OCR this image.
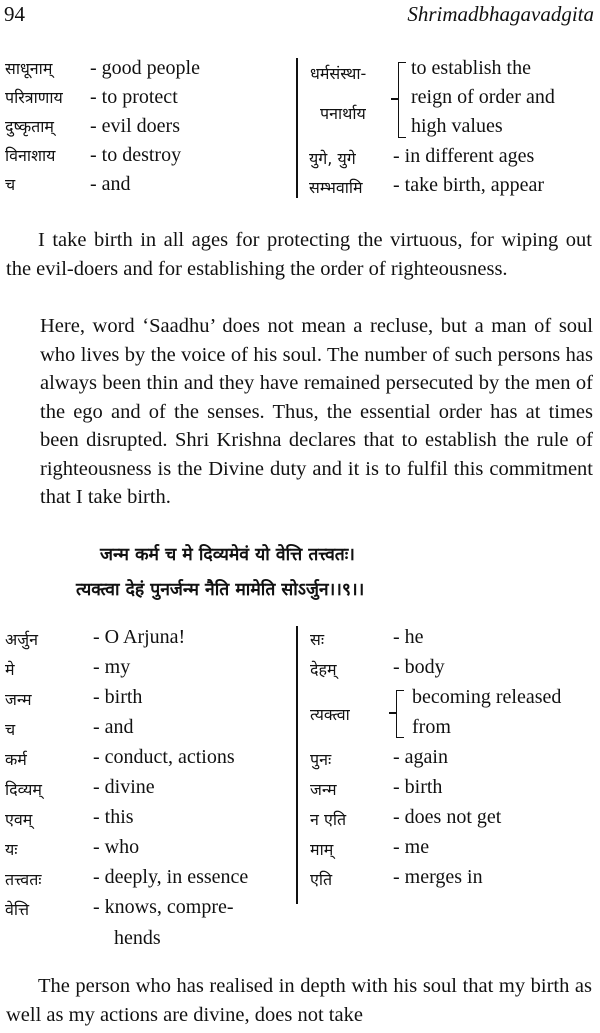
94	Shrimadbhagavadgita
साधूनाम् - good people
परित्राणाय - to protect
दुष्कृताम् - evil doers
विनाशाय - to destroy
च	- and
धर्मसंस्था-
पनार्थाय
to establish the
reign of order and
high values
युगे, युगे - in different ages
सम्भवामि - take birth, appear
I take birth in all ages for protecting the virtuous, for wiping out the evil-doers and for establishing the order of righteousness.
Here, word ‘Saadhu’ does not mean a recluse, but a man of soul who lives by the voice of his soul. The number of such persons has always been thin and they have remained persecuted by the men of the ego and of the senses. Thus, the essential order has at times been disrupted. Shri Krishna declares that to establish the rule of righteousness is the Divine duty and it is to fulfil this commitment that I take birth.
जन्म कर्म च मे दिव्यमेवं यो वेत्ति तत्त्वतः।
त्यक्त्वा देहं पुनर्जन्म नैति मामेति सोऽर्जुन।।९।।
अर्जुन	- O Arjuna!
मे	- my
जन्म	- birth
च	- and
कर्म	- conduct, actions
दिव्यम्	- divine
एवम्	- this
यः	- who
तत्त्वतः	- deeply, in essence
वेत्ति	- knows, compre-
hends
सः	- he
देहम्	- body
त्यक्त्वा
becoming released
from
पुनः	- again
जन्म	- birth
न एति - does not get
माम्	- me
एति	- merges in
The person who has realised in depth with his soul that my birth as well as my actions are divine, does not take
